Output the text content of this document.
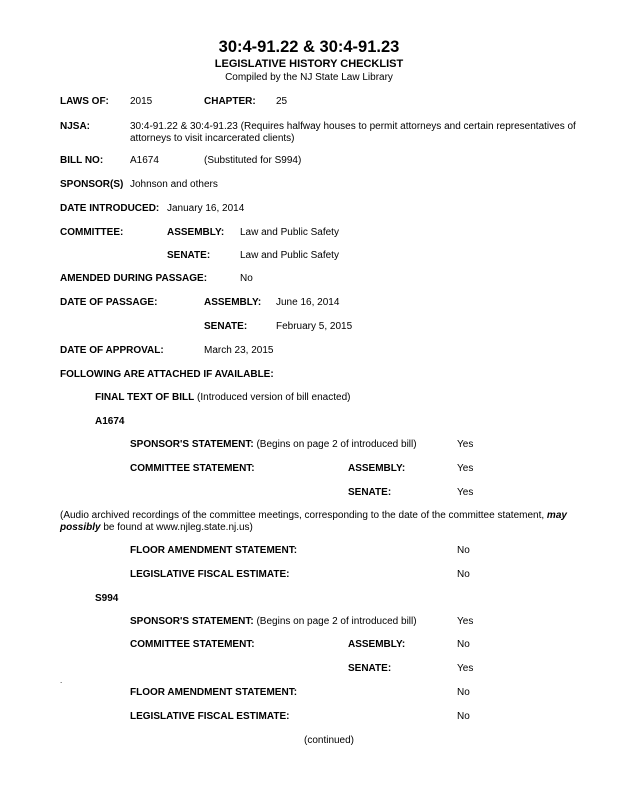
30:4-91.22 & 30:4-91.23
LEGISLATIVE HISTORY CHECKLIST
Compiled by the NJ State Law Library
LAWS OF: 2015	CHAPTER: 25
NJSA:	30:4-91.22 & 30:4-91.23 (Requires halfway houses to permit attorneys and certain representatives of attorneys to visit incarcerated clients)
BILL NO:	A1674	(Substituted for S994)
SPONSOR(S) Johnson and others
DATE INTRODUCED: January 16, 2014
COMMITTEE:	ASSEMBLY: Law and Public Safety
SENATE:	Law and Public Safety
AMENDED DURING PASSAGE:	No
DATE OF PASSAGE:	ASSEMBLY: June 16, 2014
SENATE:	February 5, 2015
DATE OF APPROVAL:	March 23, 2015
FOLLOWING ARE ATTACHED IF AVAILABLE:
FINAL TEXT OF BILL (Introduced version of bill enacted)
A1674
SPONSOR'S STATEMENT: (Begins on page 2 of introduced bill)	Yes
COMMITTEE STATEMENT:	ASSEMBLY:	Yes
SENATE:	Yes
(Audio archived recordings of the committee meetings, corresponding to the date of the committee statement, may possibly be found at www.njleg.state.nj.us)
FLOOR AMENDMENT STATEMENT:	No
LEGISLATIVE FISCAL ESTIMATE:	No
S994
SPONSOR'S STATEMENT: (Begins on page 2 of introduced bill)	Yes
COMMITTEE STATEMENT:	ASSEMBLY:	No
SENATE:	Yes
.
FLOOR AMENDMENT STATEMENT:	No
LEGISLATIVE FISCAL ESTIMATE:	No
(continued)
